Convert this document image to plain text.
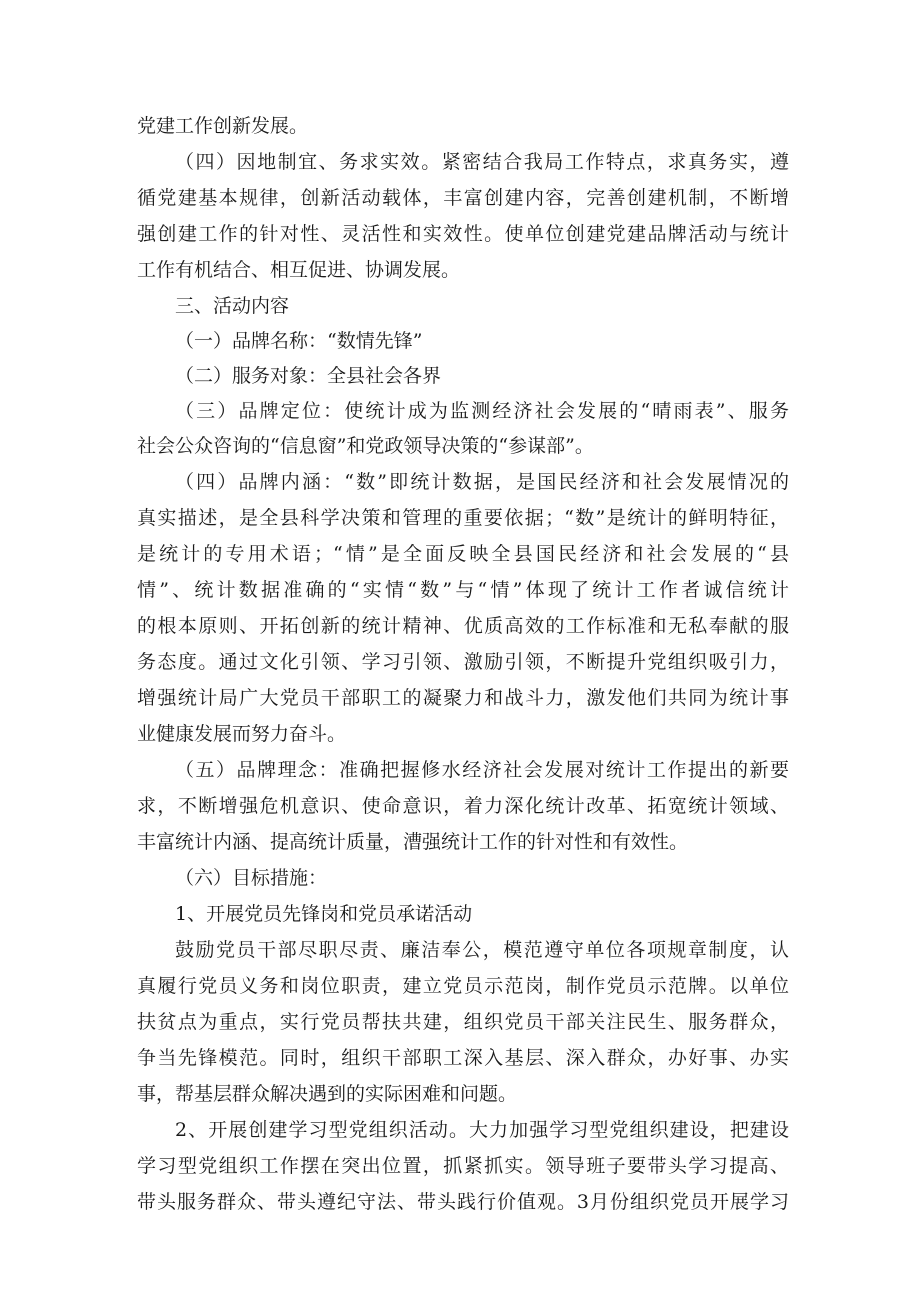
党建工作创新发展。
（四）因地制宜、务求实效。紧密结合我局工作特点，求真务实，遵
循党建基本规律，创新活动载体，丰富创建内容，完善创建机制，不断增
强创建工作的针对性、灵活性和实效性。使单位创建党建品牌活动与统计
工作有机结合、相互促进、协调发展。
三、活动内容
（一）品牌名称：“数情先锋”
（二）服务对象：全县社会各界
（三）品牌定位：使统计成为监测经济社会发展的“晴雨表”、服务
社会公众咨询的“信息窗”和党政领导决策的“参谋部”。
（四）品牌内涵：“数”即统计数据，是国民经济和社会发展情况的
真实描述，是全县科学决策和管理的重要依据；“数”是统计的鲜明特征，
是统计的专用术语；“情”是全面反映全县国民经济和社会发展的“县
情”、统计数据准确的“实情“数”与“情”体现了统计工作者诚信统计
的根本原则、开拓创新的统计精神、优质高效的工作标准和无私奉献的服
务态度。通过文化引领、学习引领、激励引领，不断提升党组织吸引力，
增强统计局广大党员干部职工的凝聚力和战斗力，激发他们共同为统计事
业健康发展而努力奋斗。
（五）品牌理念：准确把握修水经济社会发展对统计工作提出的新要
求，不断增强危机意识、使命意识，着力深化统计改革、拓宽统计领域、
丰富统计内涵、提高统计质量，漕强统计工作的针对性和有效性。
（六）目标措施：
1、开展党员先锋岗和党员承诺活动
鼓励党员干部尽职尽责、廉洁奉公，模范遵守单位各项规章制度，认
真履行党员义务和岗位职责，建立党员示范岗，制作党员示范牌。以单位
扶贫点为重点，实行党员帮扶共建，组织党员干部关注民生、服务群众，
争当先锋模范。同时，组织干部职工深入基层、深入群众，办好事、办实
事，帮基层群众解决遇到的实际困难和问题。
2、开展创建学习型党组织活动。大力加强学习型党组织建设，把建设
学习型党组织工作摆在突出位置，抓紧抓实。领导班子要带头学习提高、
带头服务群众、带头遵纪守法、带头践行价值观。3月份组织党员开展学习
